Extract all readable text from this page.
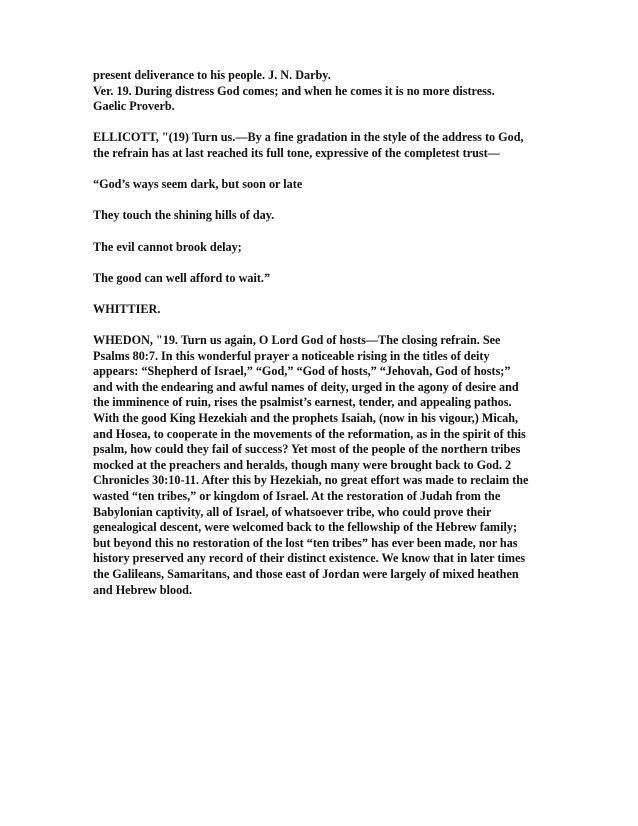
present deliverance to his people. J. N. Darby.
Ver. 19. During distress God comes; and when he comes it is no more distress.
Gaelic Proverb.

ELLICOTT, "(19) Turn us.—By a fine gradation in the style of the address to God,
the refrain has at last reached its full tone, expressive of the completest trust—

“God’s ways seem dark, but soon or late

They touch the shining hills of day.

The evil cannot brook delay;

The good can well afford to wait.”

WHITTIER.

WHEDON, "19. Turn us again, O Lord God of hosts—The closing refrain. See
Psalms 80:7. In this wonderful prayer a noticeable rising in the titles of deity
appears: “Shepherd of Israel,” “God,” “God of hosts,” “Jehovah, God of hosts;”
and with the endearing and awful names of deity, urged in the agony of desire and
the imminence of ruin, rises the psalmist’s earnest, tender, and appealing pathos.
With the good King Hezekiah and the prophets Isaiah, (now in his vigour,) Micah,
and Hosea, to cooperate in the movements of the reformation, as in the spirit of this
psalm, how could they fail of success? Yet most of the people of the northern tribes
mocked at the preachers and heralds, though many were brought back to God. 2
Chronicles 30:10-11. After this by Hezekiah, no great effort was made to reclaim the
wasted “ten tribes,” or kingdom of Israel. At the restoration of Judah from the
Babylonian captivity, all of Israel, of whatsoever tribe, who could prove their
genealogical descent, were welcomed back to the fellowship of the Hebrew family;
but beyond this no restoration of the lost “ten tribes” has ever been made, nor has
history preserved any record of their distinct existence. We know that in later times
the Galileans, Samaritans, and those east of Jordan were largely of mixed heathen
and Hebrew blood.
